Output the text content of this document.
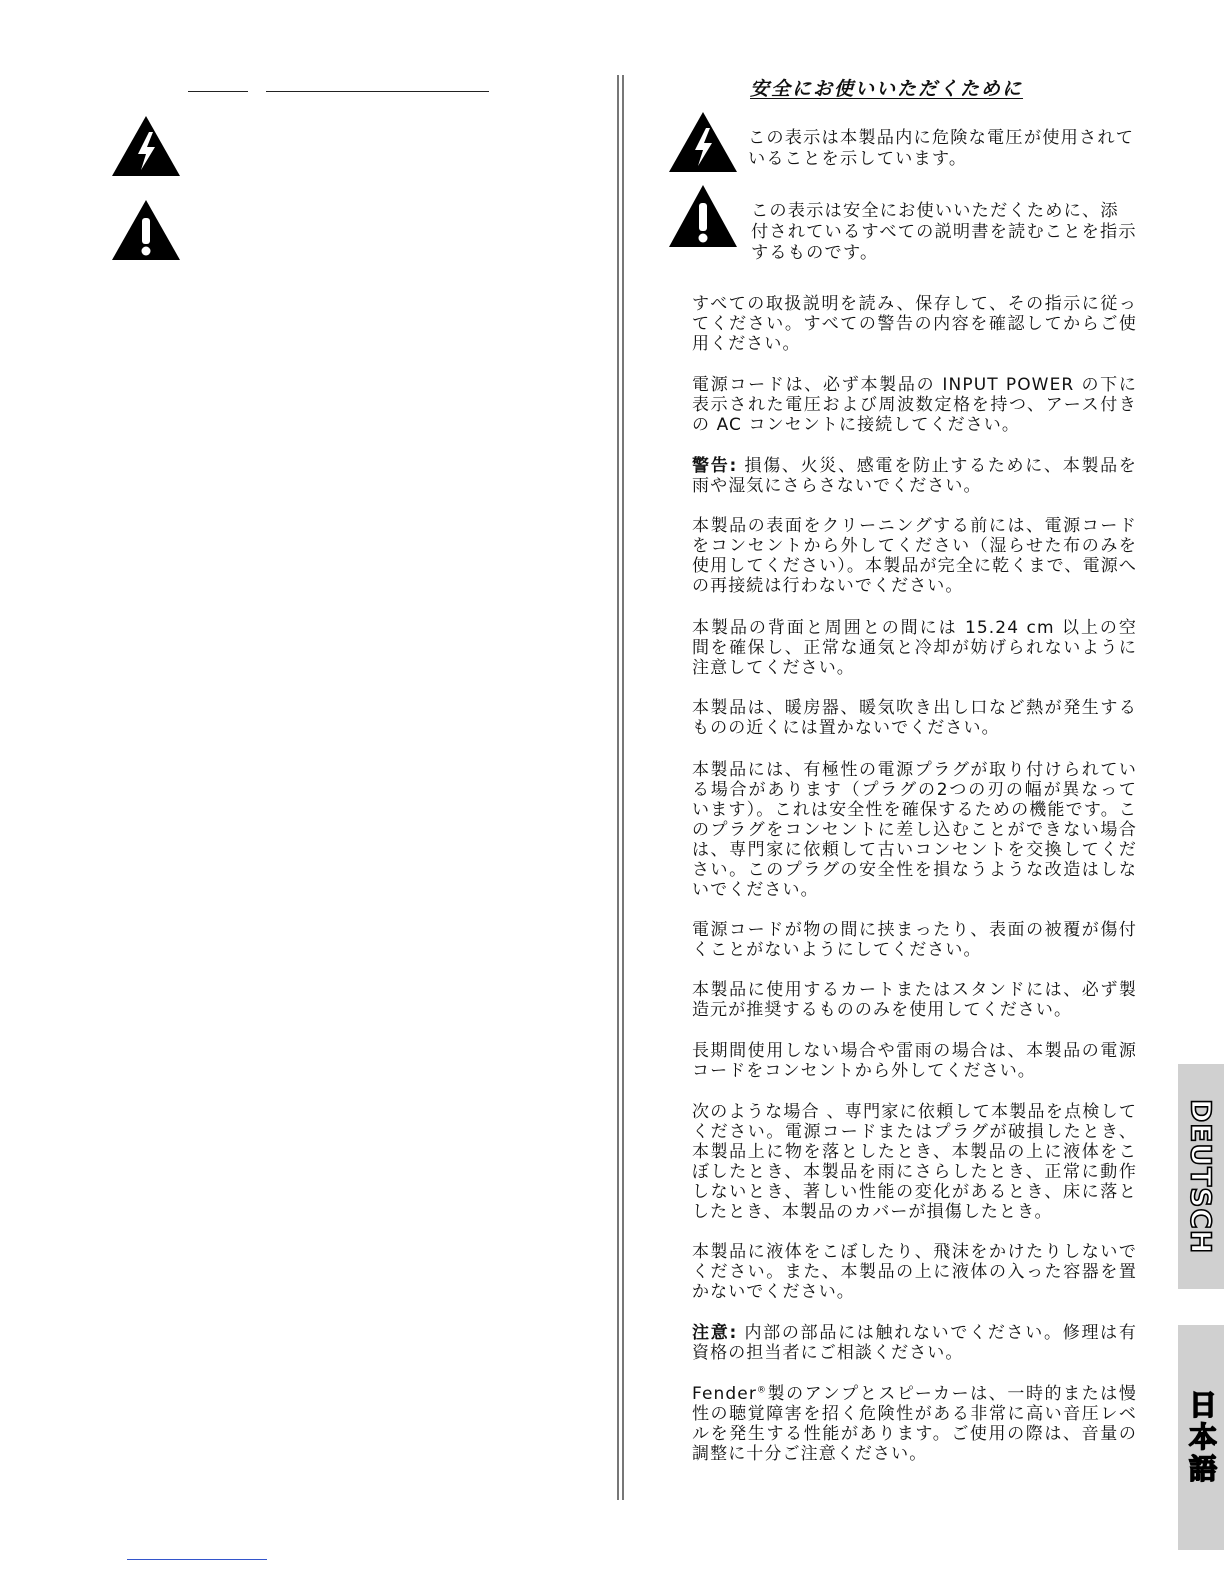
安全にお使いいただくために
この表示は本製品内に危険な電圧が使用されていることを示しています。
この表示は安全にお使いいただくために、添付されているすべての説明書を読むことを指示するものです。
すべての取扱説明を読み、保存して、その指示に従ってください。すべての警告の内容を確認してからご使用ください。
電源コードは、必ず本製品の INPUT POWER の下に表示された電圧および周波数定格を持つ、アース付きの AC コンセントに接続してください。
警告: 損傷、火災、感電を防止するために、本製品を雨や湿気にさらさないでください。
本製品の表面をクリーニングする前には、電源コードをコンセントから外してください（湿らせた布のみを使用してください）。本製品が完全に乾くまで、電源への再接続は行わないでください。
本製品の背面と周囲との間には 15.24 cm 以上の空間を確保し、正常な通気と冷却が妨げられないように注意してください。
本製品は、暖房器、暖気吹き出し口など熱が発生するものの近くには置かないでください。
本製品には、有極性の電源プラグが取り付けられている場合があります（プラグの2つの刃の幅が異なっています）。これは安全性を確保するための機能です。このプラグをコンセントに差し込むことができない場合は、専門家に依頼して古いコンセントを交換してください。このプラグの安全性を損なうような改造はしないでください。
電源コードが物の間に挟まったり、表面の被覆が傷付くことがないようにしてください。
本製品に使用するカートまたはスタンドには、必ず製造元が推奨するもののみを使用してください。
長期間使用しない場合や雷雨の場合は、本製品の電源コードをコンセントから外してください。
次のような場合 、専門家に依頼して本製品を点検してください。電源コードまたはプラグが破損したとき、本製品上に物を落としたとき、本製品の上に液体をこぼしたとき、本製品を雨にさらしたとき、正常に動作しないとき、著しい性能の変化があるとき、床に落としたとき、本製品のカバーが損傷したとき。
本製品に液体をこぼしたり、飛沫をかけたりしないでください。また、本製品の上に液体の入った容器を置かないでください。
注意: 内部の部品には触れないでください。修理は有資格の担当者にご相談ください。
Fender®製のアンプとスピーカーは、一時的または慢性の聴覚障害を招く危険性がある非常に高い音圧レベルを発生する性能があります。ご使用の際は、音量の調整に十分ご注意ください。
DEUTSCH
日本語
